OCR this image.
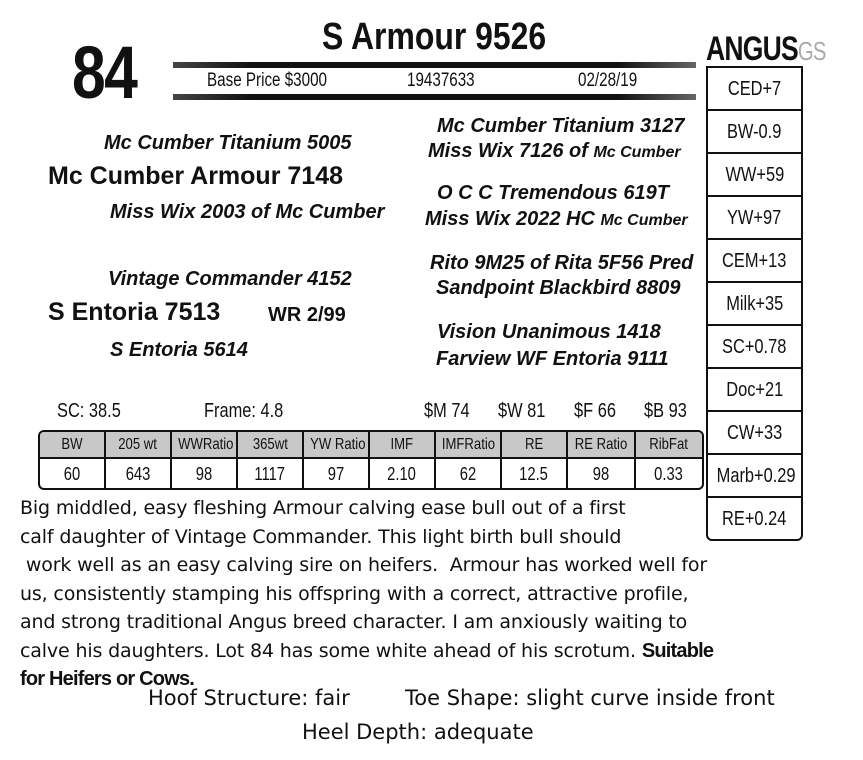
84	S Armour 9526
Base Price $3000	19437633	02/28/19
ANGUSGS
CED+7
BW-0.9
WW+59
YW+97
CEM+13
Milk+35
SC+0.78
Doc+21
CW+33
Marb+0.29
RE+0.24
Mc Cumber Titanium 5005
Mc Cumber Armour 7148
Miss Wix 2003 of Mc Cumber
Vintage Commander 4152
S Entoria 7513 WR 2/99
S Entoria 5614
Mc Cumber Titanium 3127
Miss Wix 7126 of Mc Cumber
O C C Tremendous 619T
Miss Wix 2022 HC Mc Cumber
Rito 9M25 of Rita 5F56 Pred
Sandpoint Blackbird 8809
Vision Unanimous 1418
Farview WF Entoria 9111
SC: 38.5	Frame: 4.8	$M 74 $W 81 $F 66 $B 93
BW	205 wt	WWRatio	365wt	YW Ratio	IMF	IMFRatio	RE	RE Ratio	RibFat
60	643	98	1117	97	2.10	62	12.5	98	0.33

Big middled, easy fleshing Armour calving ease bull out of a first

calf daughter of Vintage Commander. This light birth bull should

work well as an easy calving sire on heifers.  Armour has worked well for

us, consistently stamping his offspring with a correct, attractive profile,

and strong traditional Angus breed character. I am anxiously waiting to

calve his daughters. Lot 84 has some white ahead of his scrotum. Suitable

for Heifers or Cows.

Hoof Structure: fair	Toe Shape: slight curve inside front
Heel Depth: adequate
